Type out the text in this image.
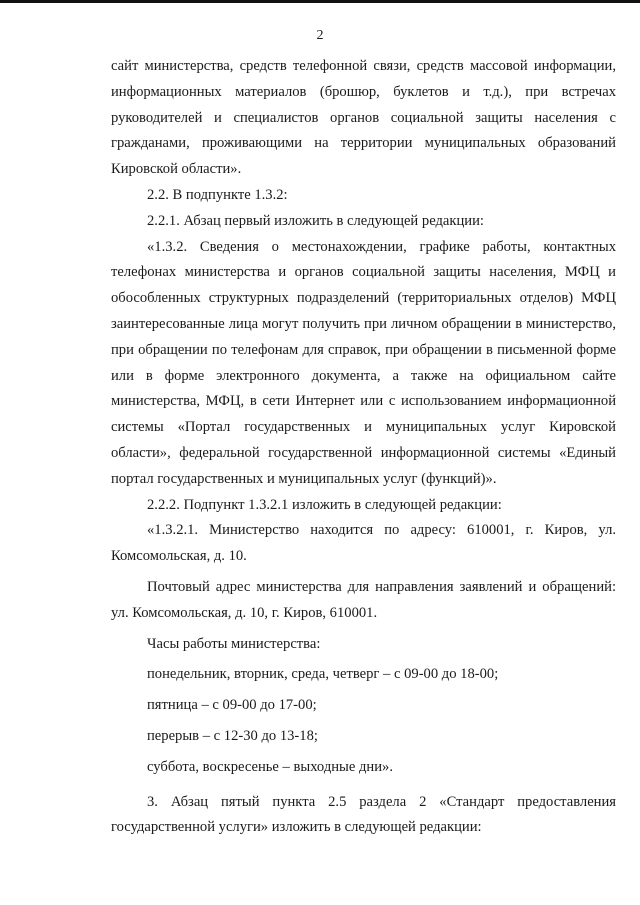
2

сайт министерства, средств телефонной связи, средств массовой информации, информационных материалов (брошюр, буклетов и т.д.), при встречах руководителей и специалистов органов социальной защиты населения с гражданами, проживающими на территории муниципальных образований Кировской области».

2.2. В подпункте 1.3.2:

2.2.1. Абзац первый изложить в следующей редакции:

«1.3.2. Сведения о местонахождении, графике работы, контактных телефонах министерства и органов социальной защиты населения, МФЦ и обособленных структурных подразделений (территориальных отделов) МФЦ заинтересованные лица могут получить при личном обращении в министерство, при обращении по телефонам для справок, при обращении в письменной форме или в форме электронного документа, а также на официальном сайте министерства, МФЦ, в сети Интернет или с использованием информационной системы «Портал государственных и муниципальных услуг Кировской области», федеральной государственной информационной системы «Единый портал государственных и муниципальных услуг (функций)».

2.2.2. Подпункт 1.3.2.1 изложить в следующей редакции:

«1.3.2.1. Министерство находится по адресу: 610001, г. Киров, ул. Комсомольская, д. 10.

Почтовый адрес министерства для направления заявлений и обращений: ул. Комсомольская, д. 10, г. Киров, 610001.

Часы работы министерства:

понедельник, вторник, среда, четверг – с 09-00 до 18-00;

пятница – с 09-00 до 17-00;

перерыв – с 12-30 до 13-18;

суббота, воскресенье – выходные дни».

3. Абзац пятый пункта 2.5 раздела 2 «Стандарт предоставления государственной услуги» изложить в следующей редакции:
